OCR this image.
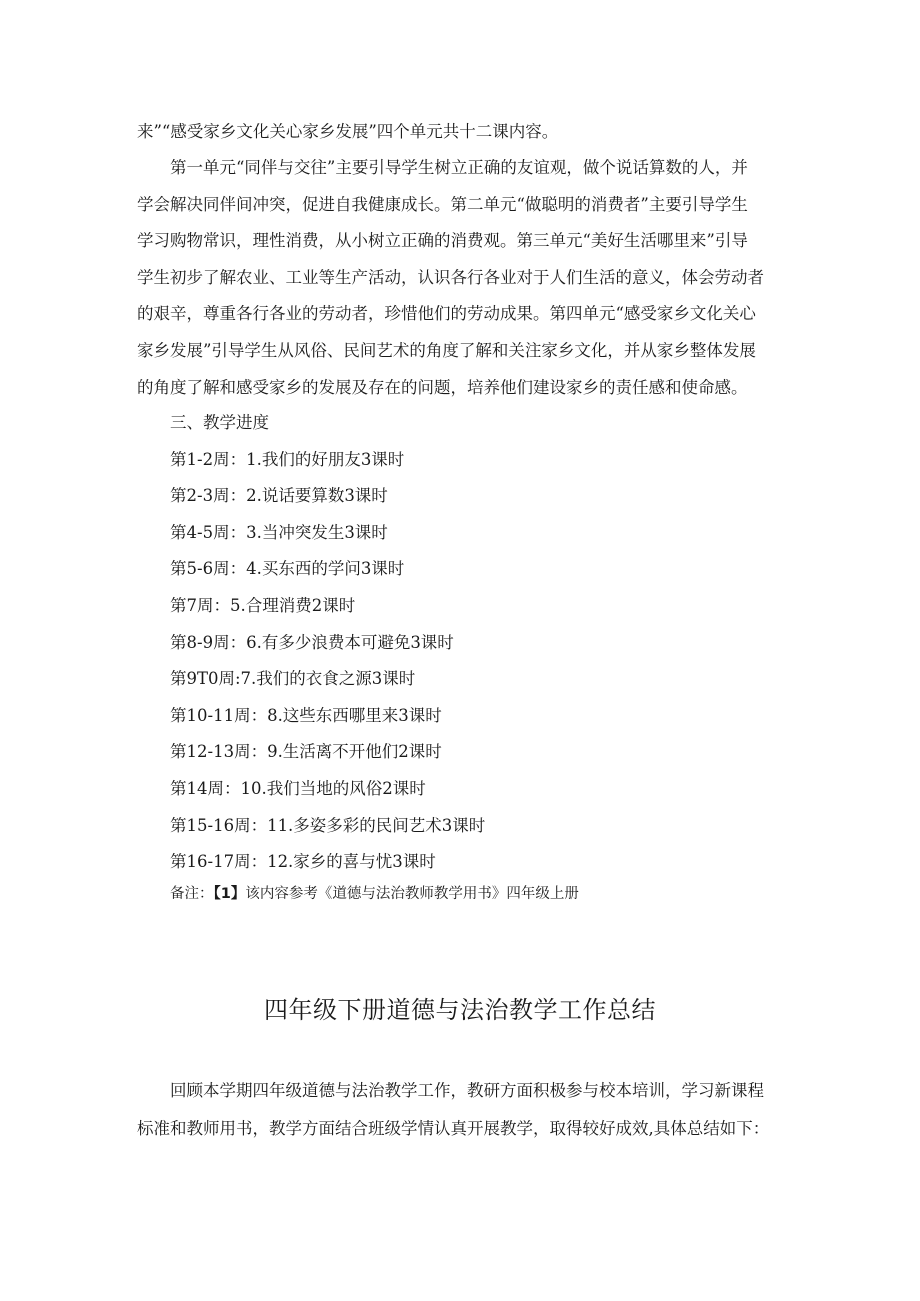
来”“感受家乡文化关心家乡发展”四个单元共十二课内容。

第一单元“同伴与交往”主要引导学生树立正确的友谊观，做个说话算数的人，并
学会解决同伴间冲突，促进自我健康成长。第二单元“做聪明的消费者”主要引导学生
学习购物常识，理性消费，从小树立正确的消费观。第三单元“美好生活哪里来”引导
学生初步了解农业、工业等生产活动，认识各行各业对于人们生活的意义，体会劳动者
的艰辛，尊重各行各业的劳动者，珍惜他们的劳动成果。第四单元“感受家乡文化关心
家乡发展”引导学生从风俗、民间艺术的角度了解和关注家乡文化，并从家乡整体发展
的角度了解和感受家乡的发展及存在的问题，培养他们建设家乡的责任感和使命感。
三、教学进度
第1-2周：1.我们的好朋友3课时
第2-3周：2.说话要算数3课时
第4-5周：3.当冲突发生3课时
第5-6周：4.买东西的学问3课时
第7周：5.合理消费2课时
第8-9周：6.有多少浪费本可避免3课时
第9T0周:7.我们的衣食之源3课时
第10-11周：8.这些东西哪里来3课时
第12-13周：9.生活离不开他们2课时
第14周：10.我们当地的风俗2课时
第15-16周：11.多姿多彩的民间艺术3课时
第16-17周：12.家乡的喜与忧3课时
备注：【1】该内容参考《道德与法治教师教学用书》四年级上册
四年级下册道德与法治教学工作总结
回顾本学期四年级道德与法治教学工作，教研方面积极参与校本培训，学习新课程
标准和教师用书，教学方面结合班级学情认真开展教学，取得较好成效,具体总结如下：
